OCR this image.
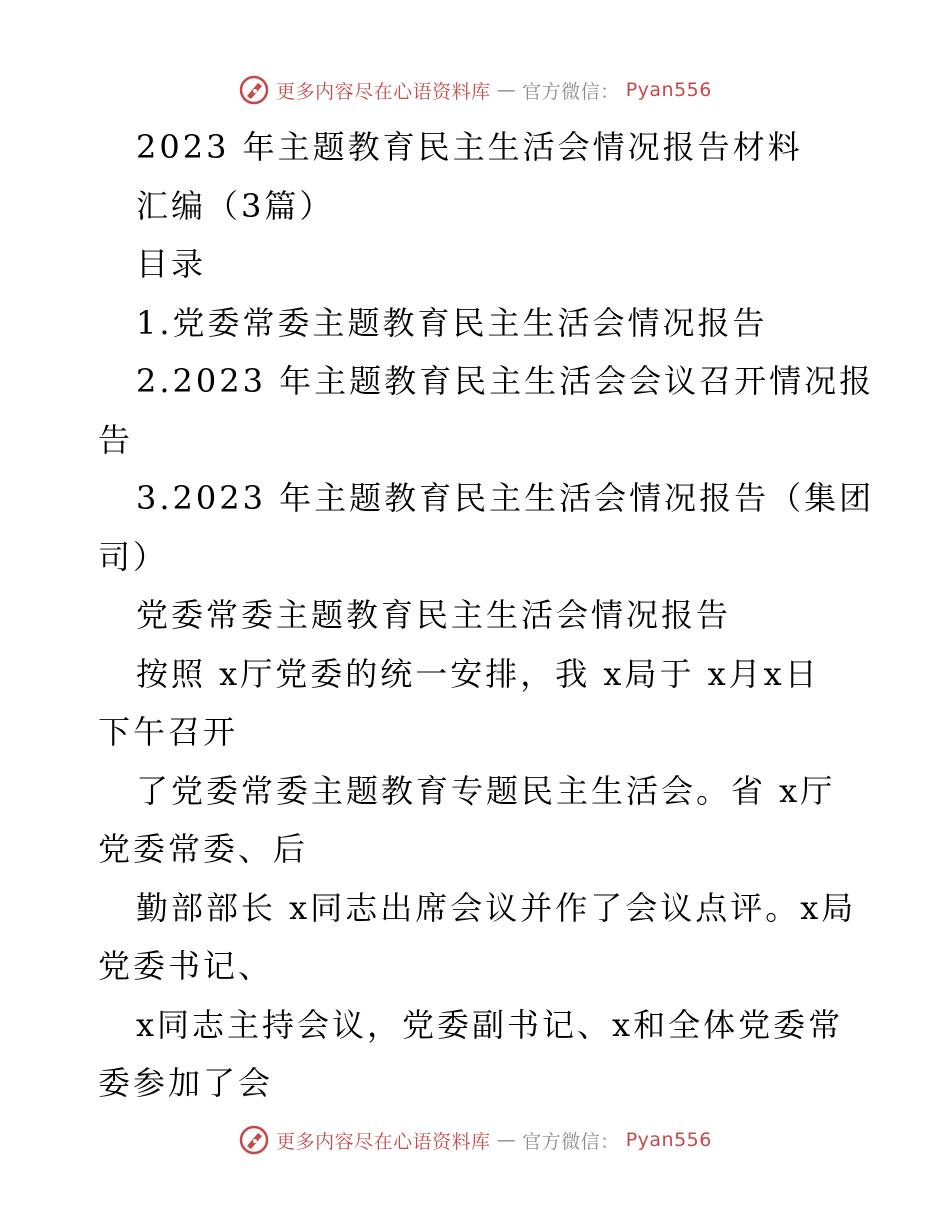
更多内容尽在心语资料库 — 官方微信： Pyan556
2023 年主题教育民主生活会情况报告材料
汇编（3篇）
目录
1.党委常委主题教育民主生活会情况报告
2.2023 年主题教育民主生活会会议召开情况报
告
3.2023 年主题教育民主生活会情况报告（集团
司）
党委常委主题教育民主生活会情况报告
按照 x厅党委的统一安排，我 x局于 x月x日
下午召开
了党委常委主题教育专题民主生活会。省 x厅
党委常委、后
勤部部长 x同志出席会议并作了会议点评。x局
党委书记、
x同志主持会议，党委副书记、x和全体党委常
委参加了会
更多内容尽在心语资料库 — 官方微信： Pyan556
